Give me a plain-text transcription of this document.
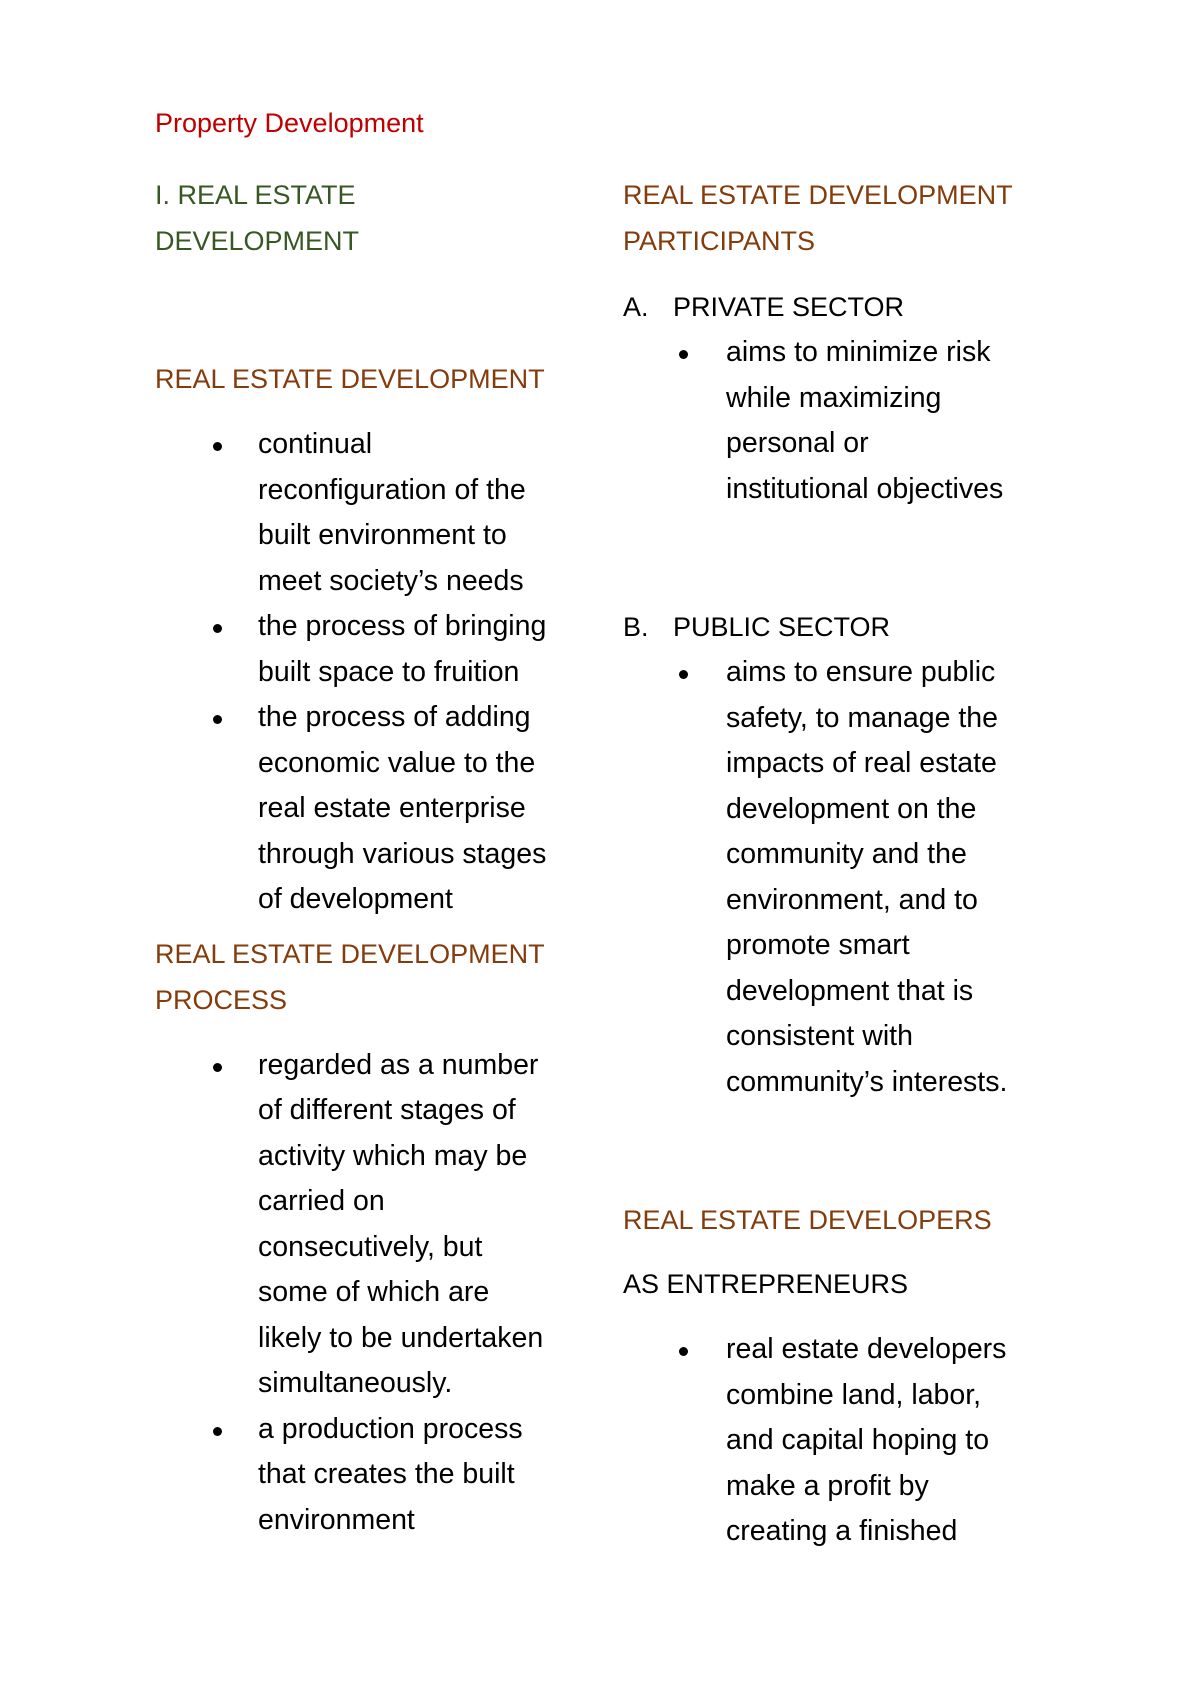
Property Development
I. REAL ESTATE
DEVELOPMENT
REAL ESTATE DEVELOPMENT
continual
reconfiguration of the
built environment to
meet society’s needs
the process of bringing
built space to fruition
the process of adding
economic value to the
real estate enterprise
through various stages
of development
REAL ESTATE DEVELOPMENT
PROCESS
regarded as a number
of different stages of
activity which may be
carried on
consecutively, but
some of which are
likely to be undertaken
simultaneously.
a production process
that creates the built
environment
REAL ESTATE DEVELOPMENT
PARTICIPANTS
A. PRIVATE SECTOR
aims to minimize risk
while maximizing
personal or
institutional objectives
B. PUBLIC SECTOR
aims to ensure public
safety, to manage the
impacts of real estate
development on the
community and the
environment, and to
promote smart
development that is
consistent with
community’s interests.
REAL ESTATE DEVELOPERS
AS ENTREPRENEURS
real estate developers
combine land, labor,
and capital hoping to
make a profit by
creating a finished
